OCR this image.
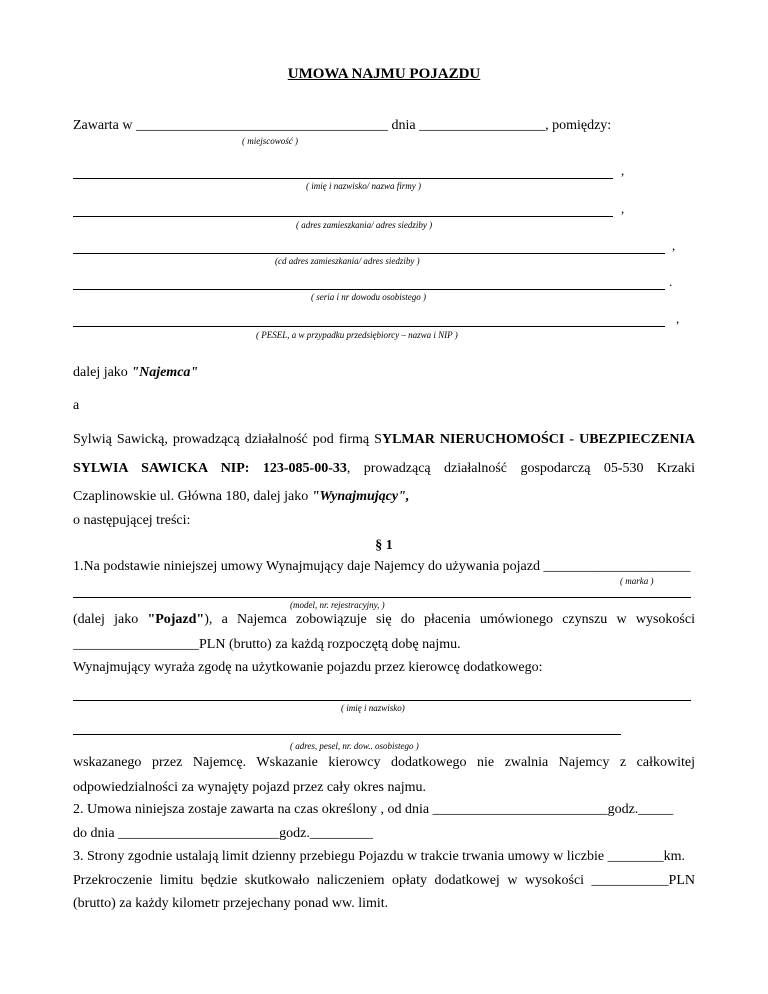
UMOWA NAJMU POJAZDU
Zawarta w ____________________________________ dnia __________________, pomiędzy:
( miejscowość )
,
( imię i nazwisko/ nazwa firmy )
,
( adres zamieszkania/ adres siedziby )
,
(cd adres zamieszkania/ adres siedziby )
.
( seria i nr dowodu osobistego )
,
( PESEL, a w przypadku przedsiębiorcy – nazwa i NIP )
dalej jako "Najemca"
a
Sylwią Sawicką, prowadzącą działalność pod firmą SYLMAR NIERUCHOMOŚCI - UBEZPIECZENIA
SYLWIA SAWICKA NIP: 123-085-00-33, prowadzącą działalność gospodarczą 05-530 Krzaki
Czaplinowskie ul. Główna 180, dalej jako "Wynajmujący",
o następującej treści:
§ 1
1.Na podstawie niniejszej umowy Wynajmujący daje Najemcy do używania pojazd _____________________
( marka )
(model, nr. rejestracyjny, )
(dalej jako "Pojazd"), a Najemca zobowiązuje się do płacenia umówionego czynszu w wysokości
__________________PLN (brutto) za każdą rozpoczętą dobę najmu.
Wynajmujący wyraża zgodę na użytkowanie pojazdu przez kierowcę dodatkowego:
( imię i nazwisko)
( adres, pesel, nr. dow.. osobistego )
wskazanego przez Najemcę. Wskazanie kierowcy dodatkowego nie zwalnia Najemcy z całkowitej
odpowiedzialności za wynajęty pojazd przez cały okres najmu.
2. Umowa niniejsza zostaje zawarta na czas określony , od dnia _________________________godz._____
do dnia _______________________godz._________
3. Strony zgodnie ustalają limit dzienny przebiegu Pojazdu w trakcie trwania umowy w liczbie ________km.
Przekroczenie limitu będzie skutkowało naliczeniem opłaty dodatkowej w wysokości ___________PLN
(brutto) za każdy kilometr przejechany ponad ww. limit.
